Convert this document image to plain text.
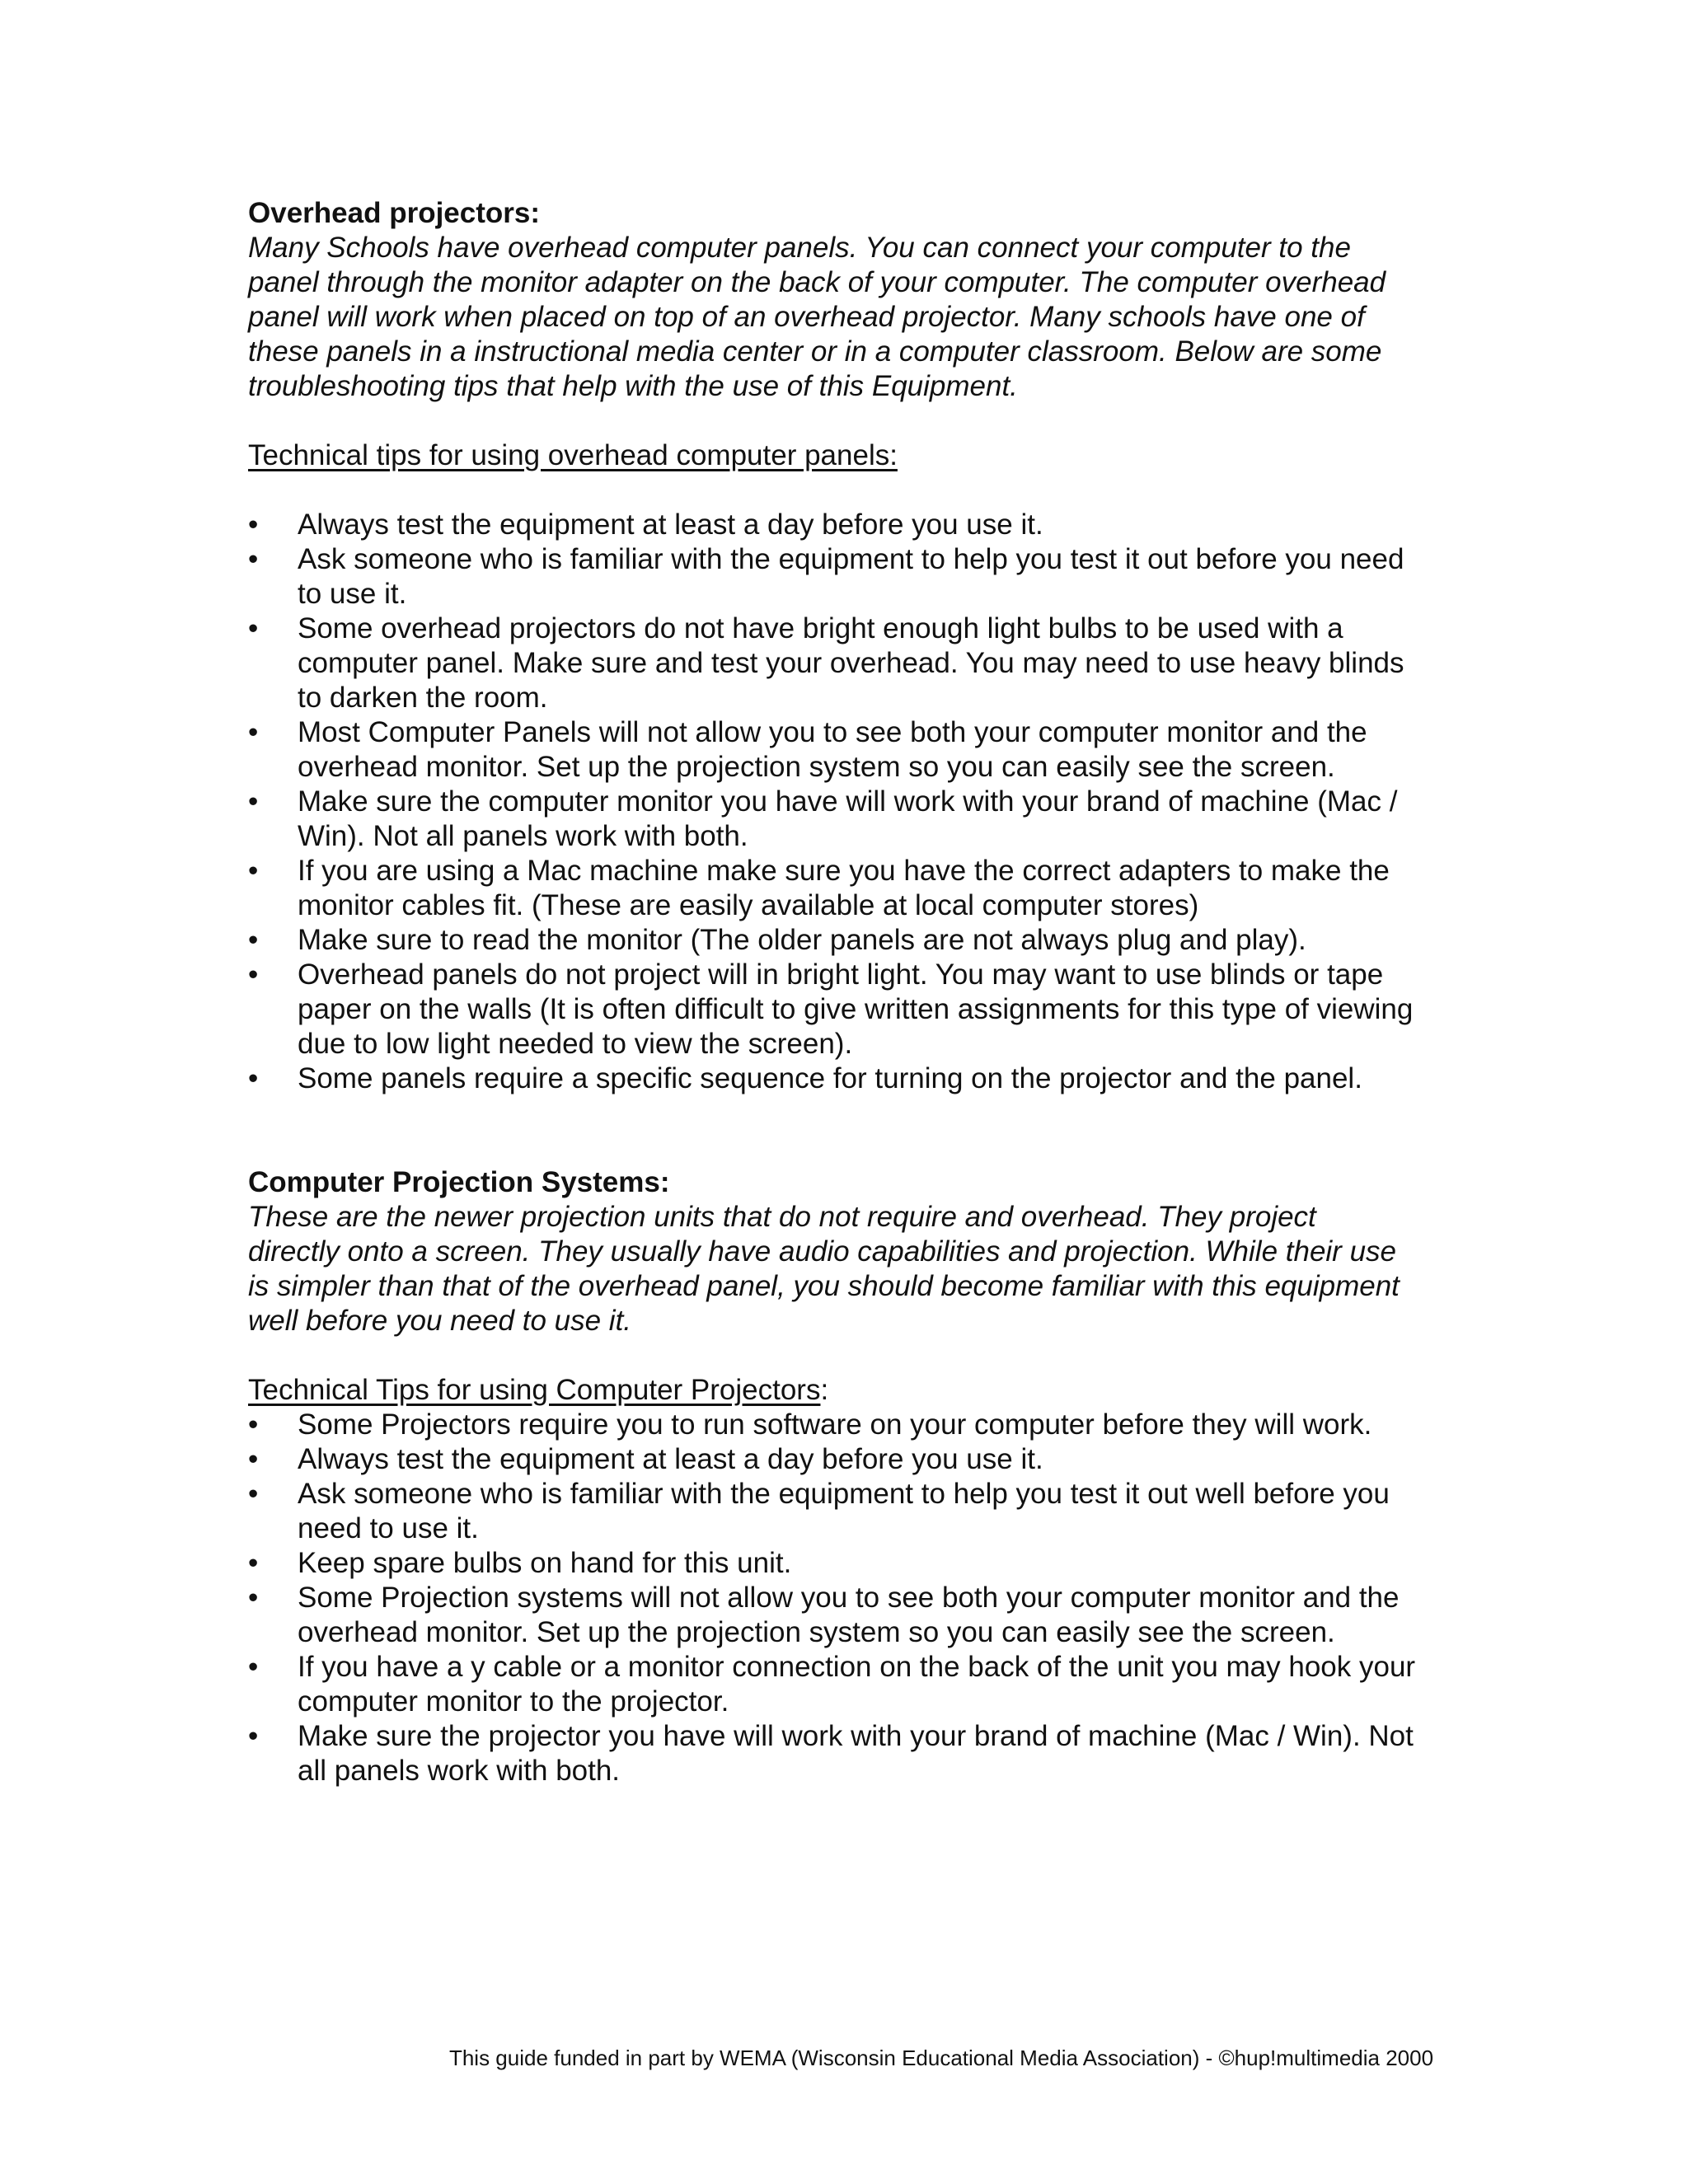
Overhead projectors:

Many Schools have overhead computer panels. You can connect your computer to the panel through the monitor adapter on the back of your computer. The computer overhead panel will work when placed on top of an overhead projector. Many schools have one of these panels in a instructional media center or in a computer classroom. Below are some troubleshooting tips that help with the use of this Equipment.

Technical tips for using overhead computer panels:

• Always test the equipment at least a day before you use it.
• Ask someone who is familiar with the equipment to help you test it out before you need to use it.
• Some overhead projectors do not have bright enough light bulbs to be used with a computer panel. Make sure and test your overhead. You may need to use heavy blinds to darken the room.
• Most Computer Panels will not allow you to see both your computer monitor and the overhead monitor. Set up the projection system so you can easily see the screen.
• Make sure the computer monitor you have will work with your brand of machine (Mac / Win). Not all panels work with both.
• If you are using a Mac machine make sure you have the correct adapters to make the monitor cables fit. (These are easily available at local computer stores)
• Make sure to read the monitor (The older panels are not always plug and play).
• Overhead panels do not project will in bright light. You may want to use blinds or tape paper on the walls (It is often difficult to give written assignments for this type of viewing due to low light needed to view the screen).
• Some panels require a specific sequence for turning on the projector and the panel.

Computer Projection Systems:

These are the newer projection units that do not require and overhead. They project directly onto a screen. They usually have audio capabilities and projection. While their use is simpler than that of the overhead panel, you should become familiar with this equipment well before you need to use it.

Technical Tips for using Computer Projectors:

• Some Projectors require you to run software on your computer before they will work.
• Always test the equipment at least a day before you use it.
• Ask someone who is familiar with the equipment to help you test it out well before you need to use it.
• Keep spare bulbs on hand for this unit.
• Some Projection systems will not allow you to see both your computer monitor and the overhead monitor. Set up the projection system so you can easily see the screen.
• If you have a y cable or a monitor connection on the back of the unit you may hook your computer monitor to the projector.
• Make sure the projector you have will work with your brand of machine (Mac / Win). Not all panels work with both.
This guide funded in part by WEMA (Wisconsin Educational Media Association) - ©hup!multimedia 2000
